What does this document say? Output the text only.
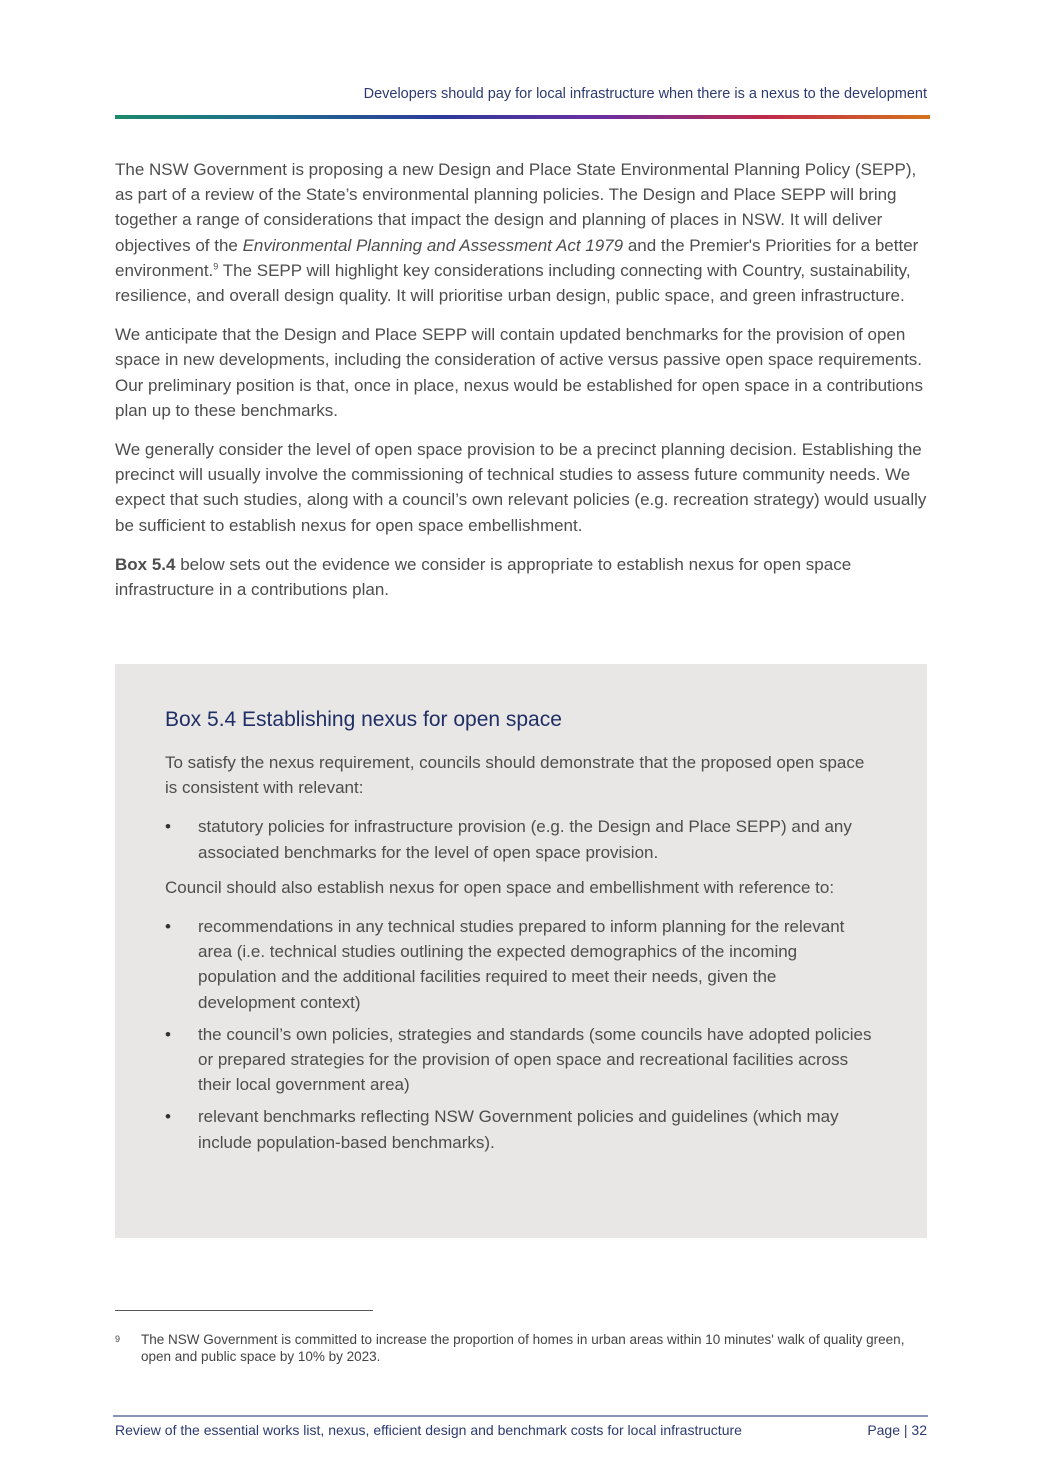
Developers should pay for local infrastructure when there is a nexus to the development

The NSW Government is proposing a new Design and Place State Environmental Planning Policy (SEPP), as part of a review of the State’s environmental planning policies. The Design and Place SEPP will bring together a range of considerations that impact the design and planning of places in NSW. It will deliver objectives of the Environmental Planning and Assessment Act 1979 and the Premier's Priorities for a better environment.$^9$ The SEPP will highlight key considerations including connecting with Country, sustainability, resilience, and overall design quality. It will prioritise urban design, public space, and green infrastructure.

We anticipate that the Design and Place SEPP will contain updated benchmarks for the provision of open space in new developments, including the consideration of active versus passive open space requirements. Our preliminary position is that, once in place, nexus would be established for open space in a contributions plan up to these benchmarks.

We generally consider the level of open space provision to be a precinct planning decision. Establishing the precinct will usually involve the commissioning of technical studies to assess future community needs. We expect that such studies, along with a council’s own relevant policies (e.g. recreation strategy) would usually be sufficient to establish nexus for open space embellishment.

Box 5.4 below sets out the evidence we consider is appropriate to establish nexus for open space infrastructure in a contributions plan.

Box 5.4 Establishing nexus for open space

To satisfy the nexus requirement, councils should demonstrate that the proposed open space is consistent with relevant:

• statutory policies for infrastructure provision (e.g. the Design and Place SEPP) and any associated benchmarks for the level of open space provision.

Council should also establish nexus for open space and embellishment with reference to:

• recommendations in any technical studies prepared to inform planning for the relevant area (i.e. technical studies outlining the expected demographics of the incoming population and the additional facilities required to meet their needs, given the development context)
• the council’s own policies, strategies and standards (some councils have adopted policies or prepared strategies for the provision of open space and recreational facilities across their local government area)
• relevant benchmarks reflecting NSW Government policies and guidelines (which may include population-based benchmarks).
9 The NSW Government is committed to increase the proportion of homes in urban areas within 10 minutes' walk of quality green, open and public space by 10% by 2023.
Review of the essential works list, nexus, efficient design and benchmark costs for local infrastructure	Page | 32
